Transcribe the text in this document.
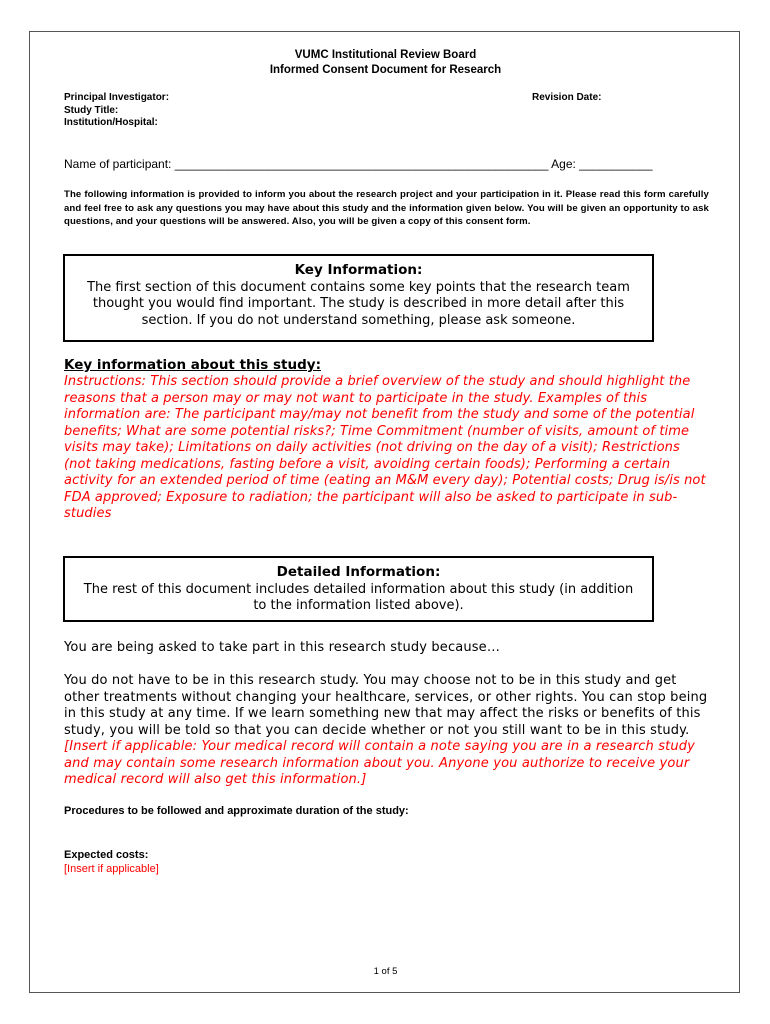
VUMC Institutional Review Board
Informed Consent Document for Research
Principal Investigator:
Study Title:
Institution/Hospital:
Revision Date:
Name of participant: ________________________________________________________ Age: ___________
The following information is provided to inform you about the research project and your participation in it. Please read this form carefully and feel free to ask any questions you may have about this study and the information given below. You will be given an opportunity to ask questions, and your questions will be answered. Also, you will be given a copy of this consent form.
Key Information:
The first section of this document contains some key points that the research team thought you would find important. The study is described in more detail after this section. If you do not understand something, please ask someone.
Key information about this study:
Instructions: This section should provide a brief overview of the study and should highlight the reasons that a person may or may not want to participate in the study. Examples of this information are: The participant may/may not benefit from the study and some of the potential benefits; What are some potential risks?; Time Commitment (number of visits, amount of time visits may take); Limitations on daily activities (not driving on the day of a visit); Restrictions (not taking medications, fasting before a visit, avoiding certain foods); Performing a certain activity for an extended period of time (eating an M&M every day); Potential costs; Drug is/is not FDA approved; Exposure to radiation; the participant will also be asked to participate in sub-studies
Detailed Information:
The rest of this document includes detailed information about this study (in addition to the information listed above).
You are being asked to take part in this research study because…
You do not have to be in this research study. You may choose not to be in this study and get other treatments without changing your healthcare, services, or other rights. You can stop being in this study at any time. If we learn something new that may affect the risks or benefits of this study, you will be told so that you can decide whether or not you still want to be in this study. [Insert if applicable: Your medical record will contain a note saying you are in a research study and may contain some research information about you. Anyone you authorize to receive your medical record will also get this information.]
Procedures to be followed and approximate duration of the study:
Expected costs:
[Insert if applicable]
1 of 5
